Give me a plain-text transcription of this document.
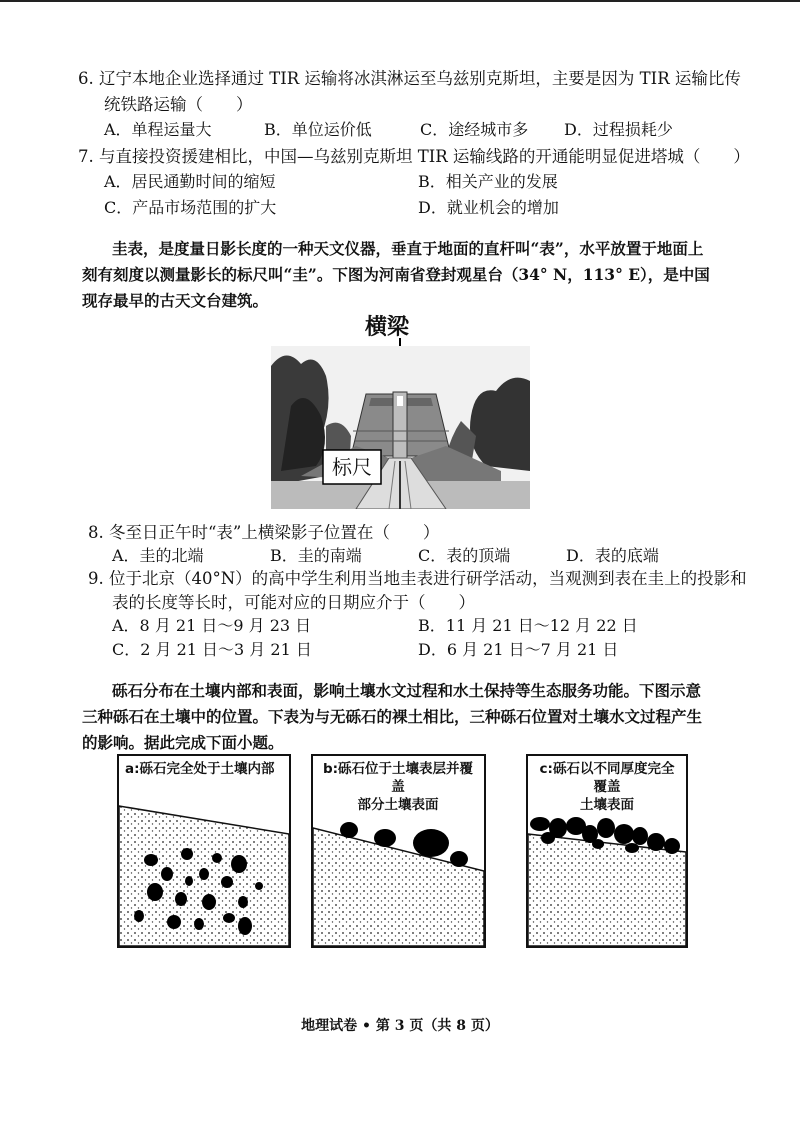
6. 辽宁本地企业选择通过 TIR 运输将冰淇淋运至乌兹别克斯坦，主要是因为 TIR 运输比传
统铁路运输（　　）
A．单程运量大	B．单位运价低	C．途经城市多 D．过程损耗少
7. 与直接投资援建相比，中国—乌兹别克斯坦 TIR 运输线路的开通能明显促进塔城（　　）
A．居民通勤时间的缩短	B．相关产业的发展
C．产品市场范围的扩大	D．就业机会的增加
圭表，是度量日影长度的一种天文仪器，垂直于地面的直杆叫“表”，水平放置于地面上
刻有刻度以测量影长的标尺叫“圭”。下图为河南省登封观星台（34° N，113° E），是中国
现存最早的古天文台建筑。
横梁
标尺
8. 冬至日正午时“表”上横梁影子位置在（　　）
A．圭的北端	B．圭的南端	C．表的顶端	D．表的底端
9. 位于北京（40°N）的高中学生利用当地圭表进行研学活动，当观测到表在圭上的投影和
表的长度等长时，可能对应的日期应介于（　　）
A．8 月 21 日～9 月 23 日	B．11 月 21 日～12 月 22 日
C．2 月 21 日～3 月 21 日	D．6 月 21 日～7 月 21 日
砾石分布在土壤内部和表面，影响土壤水文过程和水土保持等生态服务功能。下图示意
三种砾石在土壤中的位置。下表为与无砾石的裸土相比，三种砾石位置对土壤水文过程产生
的影响。据此完成下面小题。
a:砾石完全处于土壤内部	b:砾石位于土壤表层并覆盖
部分土壤表面
c:砾石以不同厚度完全覆盖
土壤表面
地理试卷 • 第 3 页（共 8 页）
